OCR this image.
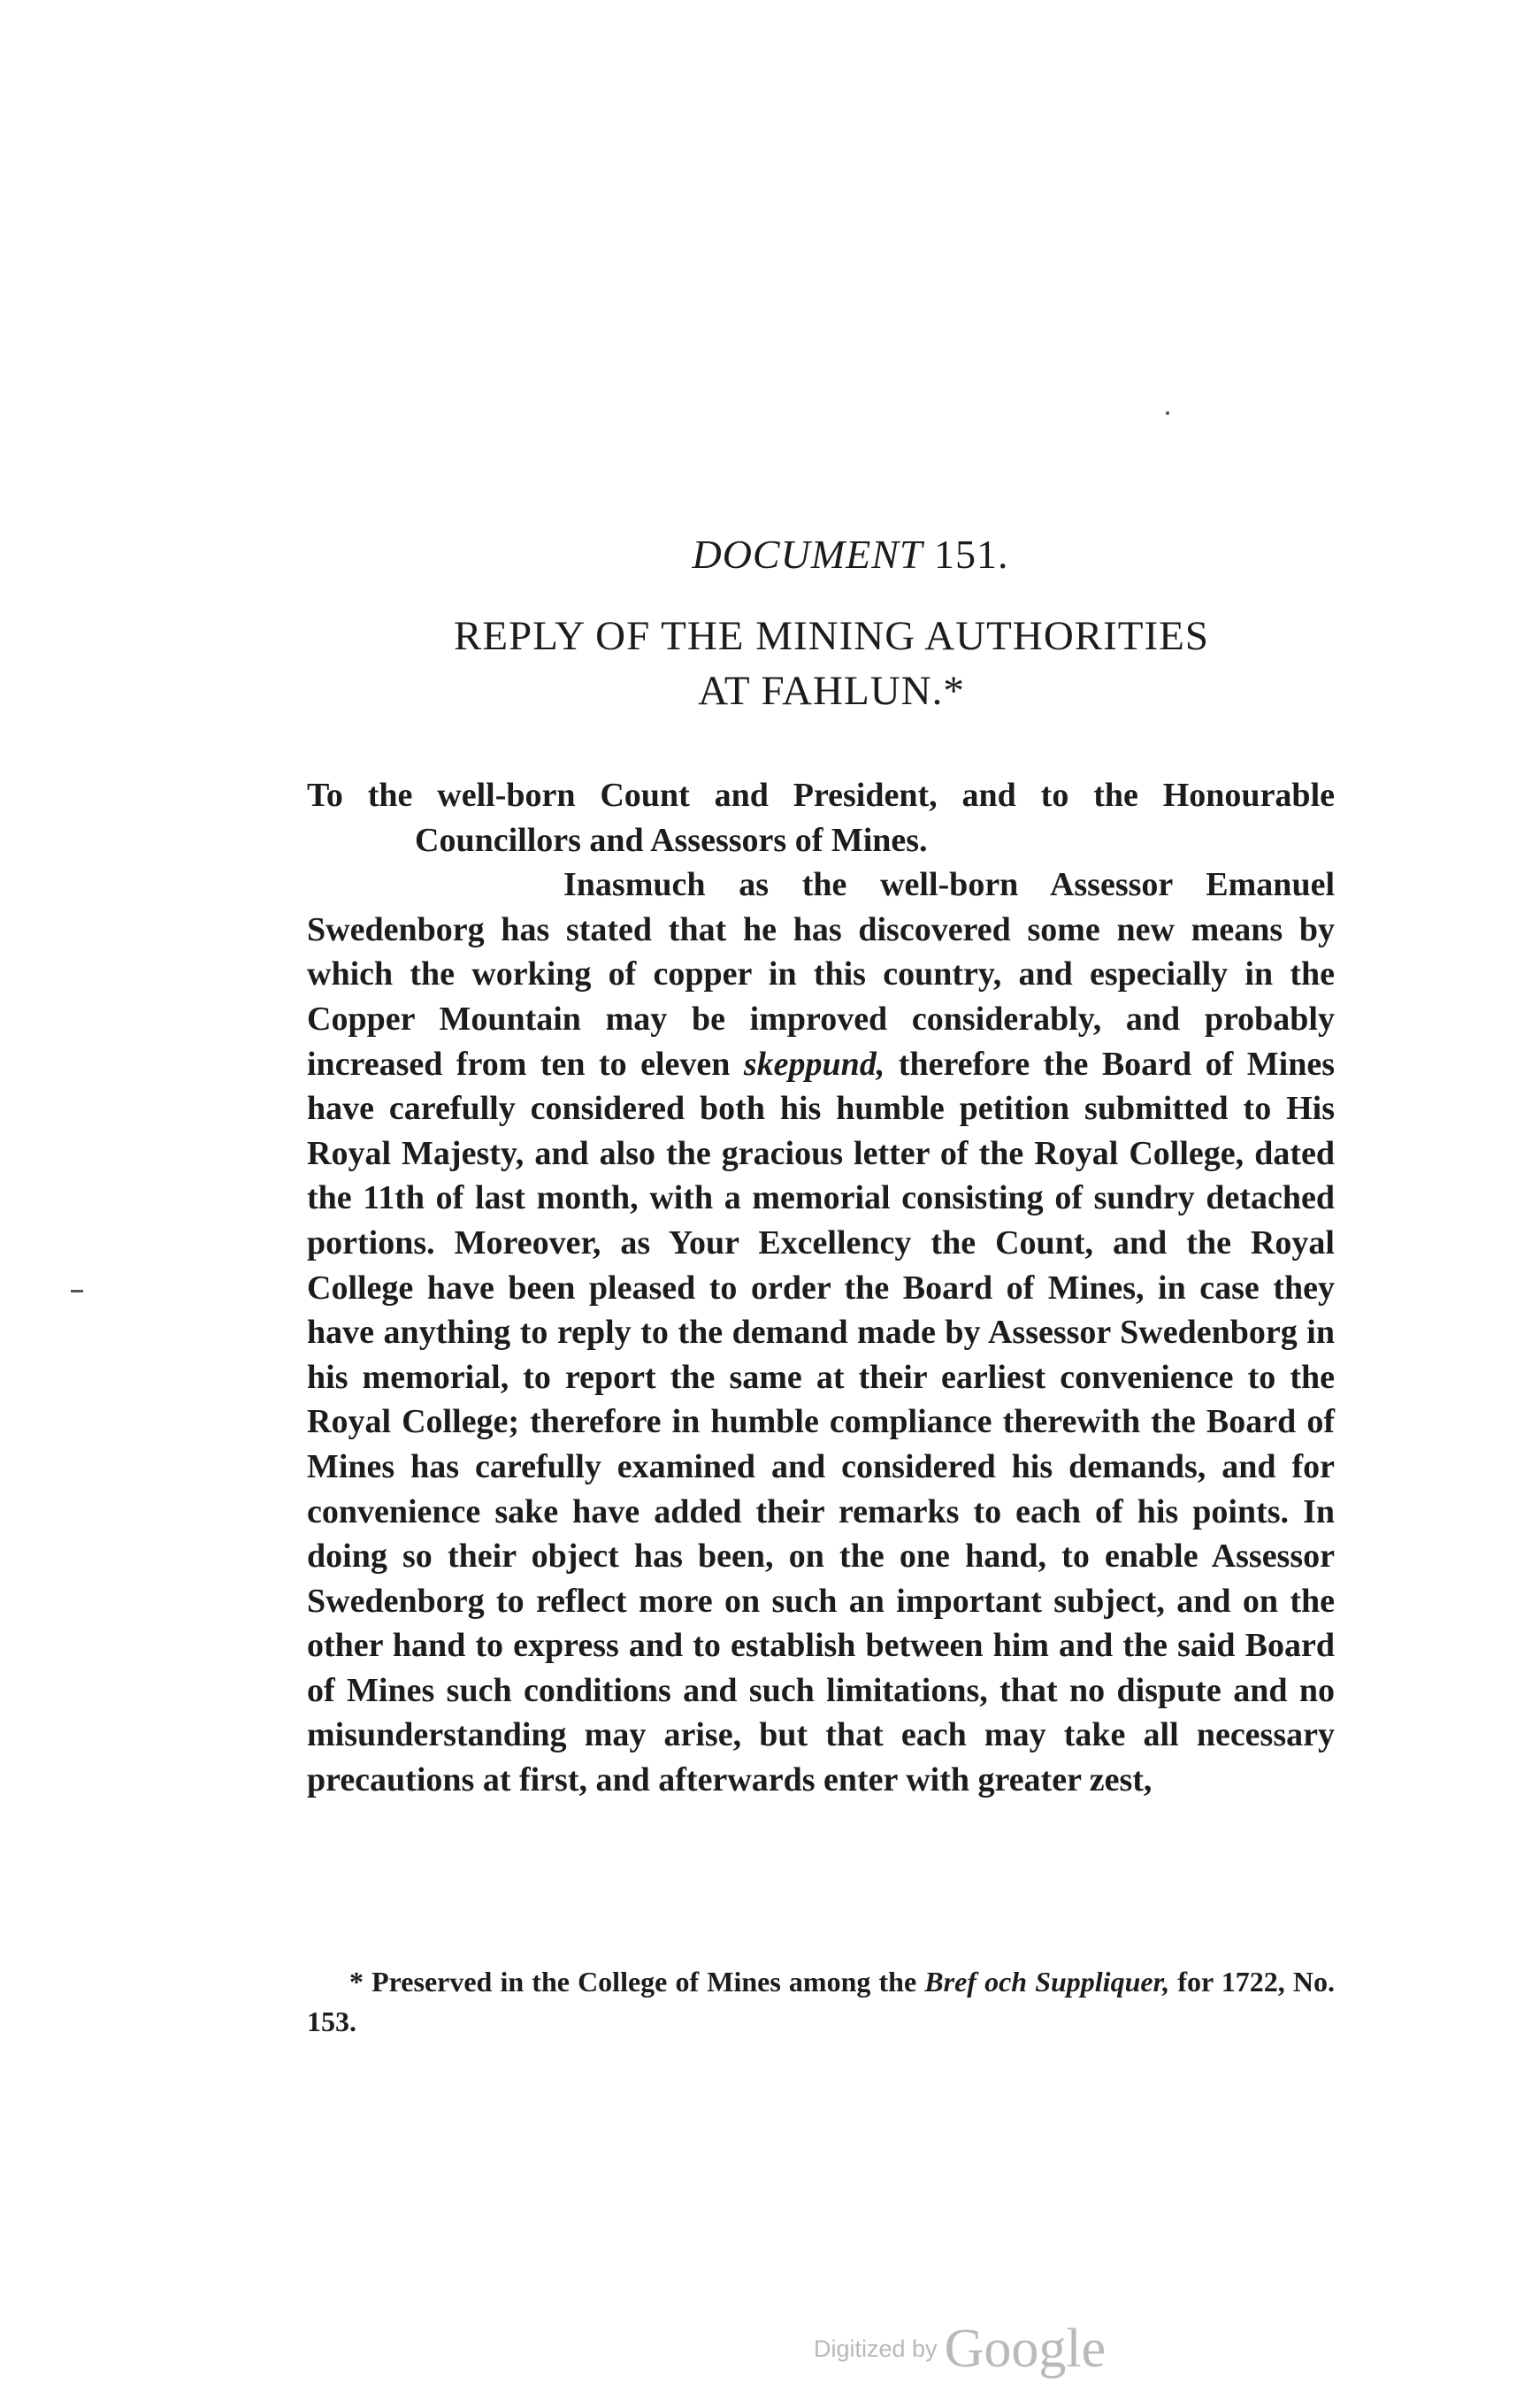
DOCUMENT 151.
REPLY OF THE MINING AUTHORITIES
AT FAHLUN.*

To the well-born Count and President, and to the Honourable Councillors and Assessors of Mines.

Inasmuch as the well-born Assessor Emanuel Swedenborg has stated that he has discovered some new means by which the working of copper in this country, and especially in the Copper Mountain may be improved considerably, and probably increased from ten to eleven skeppund, therefore the Board of Mines have carefully considered both his humble petition submitted to His Royal Majesty, and also the gracious letter of the Royal College, dated the 11th of last month, with a memorial consisting of sundry detached portions. Moreover, as Your Excellency the Count, and the Royal College have been pleased to order the Board of Mines, in case they have anything to reply to the demand made by Assessor Swedenborg in his memorial, to report the same at their earliest convenience to the Royal College; therefore in humble compliance therewith the Board of Mines has carefully examined and considered his demands, and for convenience sake have added their remarks to each of his points. In doing so their object has been, on the one hand, to enable Assessor Swedenborg to reflect more on such an important subject, and on the other hand to express and to establish between him and the said Board of Mines such conditions and such limitations, that no dispute and no misunderstanding may arise, but that each may take all necessary precautions at first, and afterwards enter with greater zest,

* Preserved in the College of Mines among the Bref och Suppliquer, for 1722, No. 153.

Digitized by Google
